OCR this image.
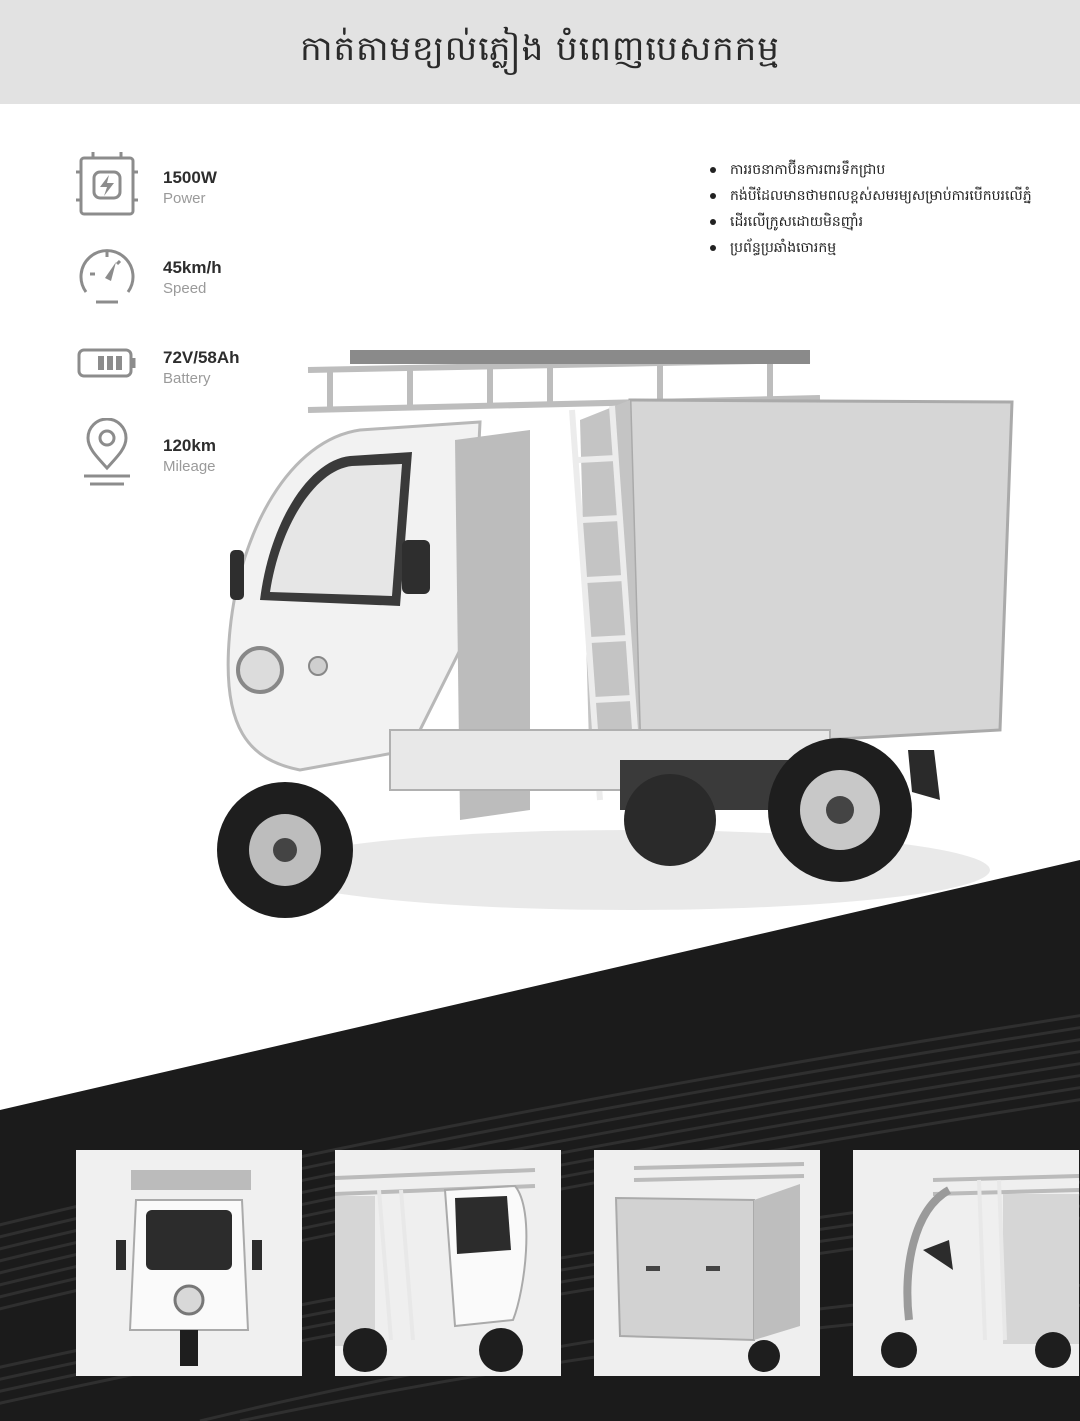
កាត់តាមខ្យល់ភ្លៀង បំពេញបេសកកម្ម
1500W
Power
45km/h
Speed
72V/58Ah
Battery
120km
Mileage
ការរចនាកាប៊ីនការពារទឹកជ្រាប
កង់បីដែលមានថាមពលខ្ពស់សមរម្យសម្រាប់ការបើកបរលើភ្នំ
ដើរលើក្រូសដោយមិនញ៉ាំរ
ប្រព័ន្ធប្រឆាំងចោរកម្ម
